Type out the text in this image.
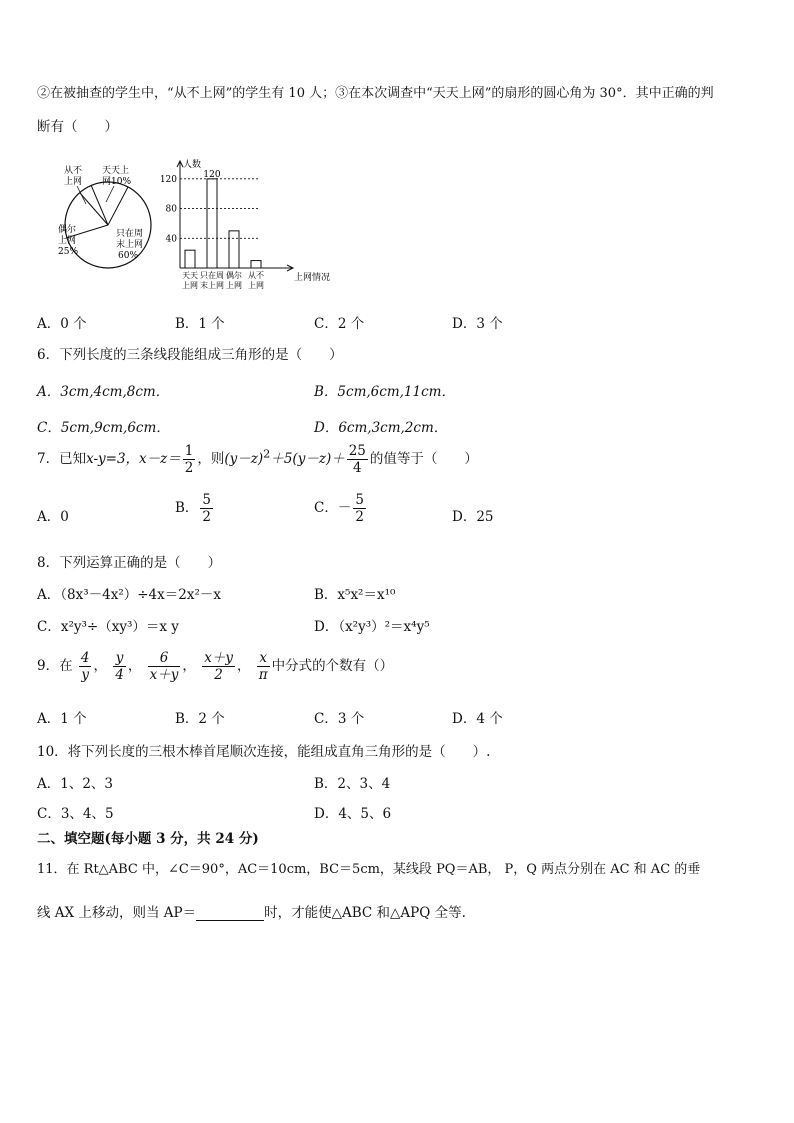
②在被抽查的学生中，“从不上网”的学生有 10 人；③在本次调查中“天天上网”的扇形的圆心角为 30°．其中正确的判
断有（　　）
从不
上网
天天上
网10%
偶尔
上网
25%
只在周
末上网
60%
人数
上网情况
40
80
120
天天
上网
120
只在周
末上网
偶尔
上网
从不
上网
A．0 个	B．1 个	C．2 个	D．3 个
6．下列长度的三条线段能组成三角形的是（　　）
A．3cm,4cm,8cm．	B．5cm,6cm,11cm．
C．5cm,9cm,6cm．	D．6cm,3cm,2cm．
7．已知x-y=3，$x-z= \frac{1}{2}$ ，则$(y-z)^2+5(y-z)+ \frac{25}{4}$ 的值等于（　　）
A．0
B． $\frac{5}{2}$	C．－ $\frac{5}{2}$	D．25
8．下列运算正确的是（　　）
A．（8x³－4x²）÷4x＝2x²－x	B．x⁵x²＝x¹⁰
C．x²y³÷（xy³）＝x y	D．（x²y³）²＝x⁴y⁵
9．在 $\frac{4}{y}$ ， $\frac{y}{4}$ ， $\frac{6}{x+y}$ ， $\frac{x+y}{2}$ ， $\frac{x}{\pi}$ 中分式的个数有（）
A．1 个	B．2 个	C．3 个	D．4 个
10．将下列长度的三根木棒首尾顺次连接，能组成直角三角形的是（　　）.
A．1、2、3	B．2、3、4
C．3、4、5	D．4、5、6
二、填空题(每小题 3 分，共 24 分)
11．在 Rt△ABC 中，∠C＝90°，AC＝10cm，BC＝5cm，某线段 PQ＝AB， P，Q 两点分别在 AC 和 AC 的垂
线 AX 上移动，则当 AP＝	时，才能使△ABC 和△APQ 全等.
